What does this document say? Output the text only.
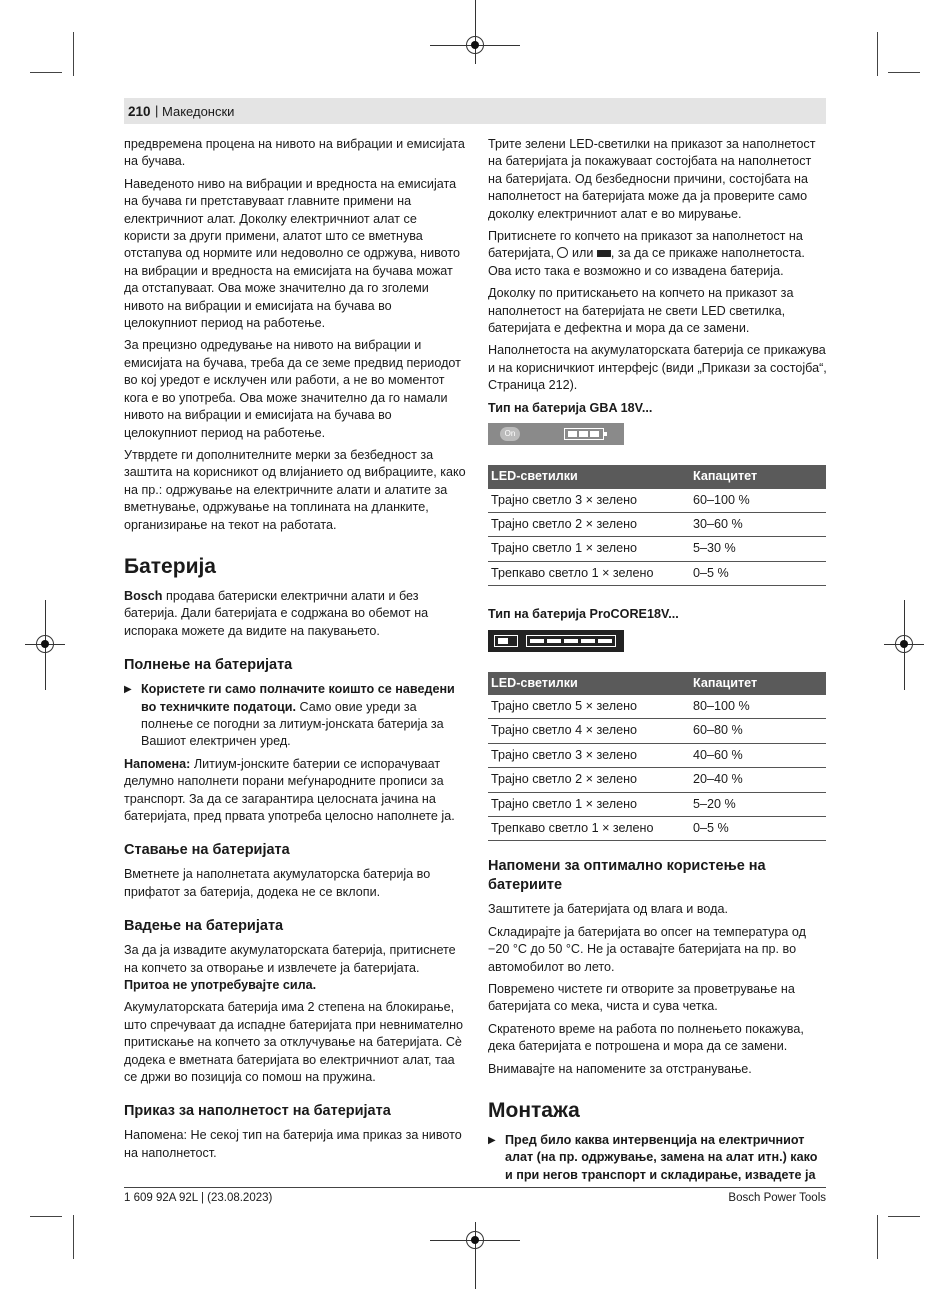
210 | Македонски

предвремена процена на нивото на вибрации и емисијата на бучава.

Наведеното ниво на вибрации и вредноста на емисијата на бучава ги претставуваат главните примени на електричниот алат. Доколку електричниот алат се користи за други примени, алатот што се вметнува отстапува од нормите или недоволно се одржува, нивото на вибрации и вредноста на емисијата на бучава можат да отстапуваат. Ова може значително да го зголеми нивото на вибрации и емисијата на бучава во целокупниот период на работење.

За прецизно одредување на нивото на вибрации и емисијата на бучава, треба да се земе предвид периодот во кој уредот е исклучен или работи, а не во моментот кога е во употреба. Ова може значително да го намали нивото на вибрации и емисијата на бучава во целокупниот период на работење.

Утврдете ги дополнителните мерки за безбедност за заштита на корисникот од влијанието од вибрациите, како на пр.: одржување на електричните алати и алатите за вметнување, одржување на топлината на дланките, организирање на текот на работата.

Батерија

Bosch продава батериски електрични алати и без батерија. Дали батеријата е содржана во обемот на испорака можете да видите на пакувањето.

Полнење на батеријата
▶ Користете ги само полначите коишто се наведени во техничките податоци. Само овие уреди за полнење се погодни за литиум-јонската батерија за Вашиот електричен уред.

Напомена: Литиум-јонските батерии се испорачуваат делумно наполнети порани меѓународните прописи за транспорт. За да се загарантира целосната јачина на батеријата, пред првата употреба целосно наполнете ја.

Ставање на батеријата

Вметнете ја наполнетата акумулаторска батерија во прифатот за батерија, додека не се вклопи.

Вадење на батеријата

За да ја извадите акумулаторската батерија, притиснете на копчето за отворање и извлечете ја батеријата. Притоа не употребувајте сила.

Акумулаторската батерија има 2 степена на блокирање, што спречуваат да испадне батеријата при невнимателно притискање на копчето за отклучување на батеријата. Сè додека е вметната батеријата во електричниот алат, таа се држи во позиција со помош на пружина.

Приказ за наполнетост на батеријата

Напомена: Не секој тип на батерија има приказ за нивото на наполнетост.

Трите зелени LED-светилки на приказот за наполнетост на батеријата ја покажуваат состојбата на наполнетост на батеријата. Од безбедносни причини, состојбата на наполнетост на батеријата може да ја проверите само доколку електричниот алат е во мирување.

Притиснете го копчето на приказот за наполнетост на батеријата,  или , за да се прикаже наполнетоста. Ова исто така е возможно и со извадена батерија.

Доколку по притискањето на копчето на приказот за наполнетост на батеријата не свети LED светилка, батеријата е дефектна и мора да се замени.

Наполнетоста на акумулаторската батерија се прикажува и на корисничкиот интерфејс (види „Прикази за состојба“, Страница 212).

Тип на батерија GBA 18V...
On
LED-светилки	Капацитет
Трајно светло 3 × зелено	60–100 %
Трајно светло 2 × зелено	30–60 %
Трајно светло 1 × зелено	5–30 %
Трепкаво светло 1 × зелено	0–5 %
Тип на батерија ProCORE18V...
LED-светилки	Капацитет
Трајно светло 5 × зелено	80–100 %
Трајно светло 4 × зелено	60–80 %
Трајно светло 3 × зелено	40–60 %
Трајно светло 2 × зелено	20–40 %
Трајно светло 1 × зелено	5–20 %
Трепкаво светло 1 × зелено	0–5 %
Напомени за оптимално користење на батериите

Заштитете ја батеријата од влага и вода.

Складирајте ја батеријата во опсег на температура од −20 °C до 50 °C. Не ја оставајте батеријата на пр. во автомобилот во лето.

Повремено чистете ги отворите за проветрување на батеријата со мека, чиста и сува четка.

Скратеното време на работа по полнењето покажува, дека батеријата е потрошена и мора да се замени.

Внимавајте на напомените за отстранување.

Монтажа
▶ Пред било каква интервенција на електричниот алат (на пр. одржување, замена на алат итн.) како и при негов транспорт и складирање, извадете ја
1 609 92A 92L | (23.08.2023)	Bosch Power Tools
